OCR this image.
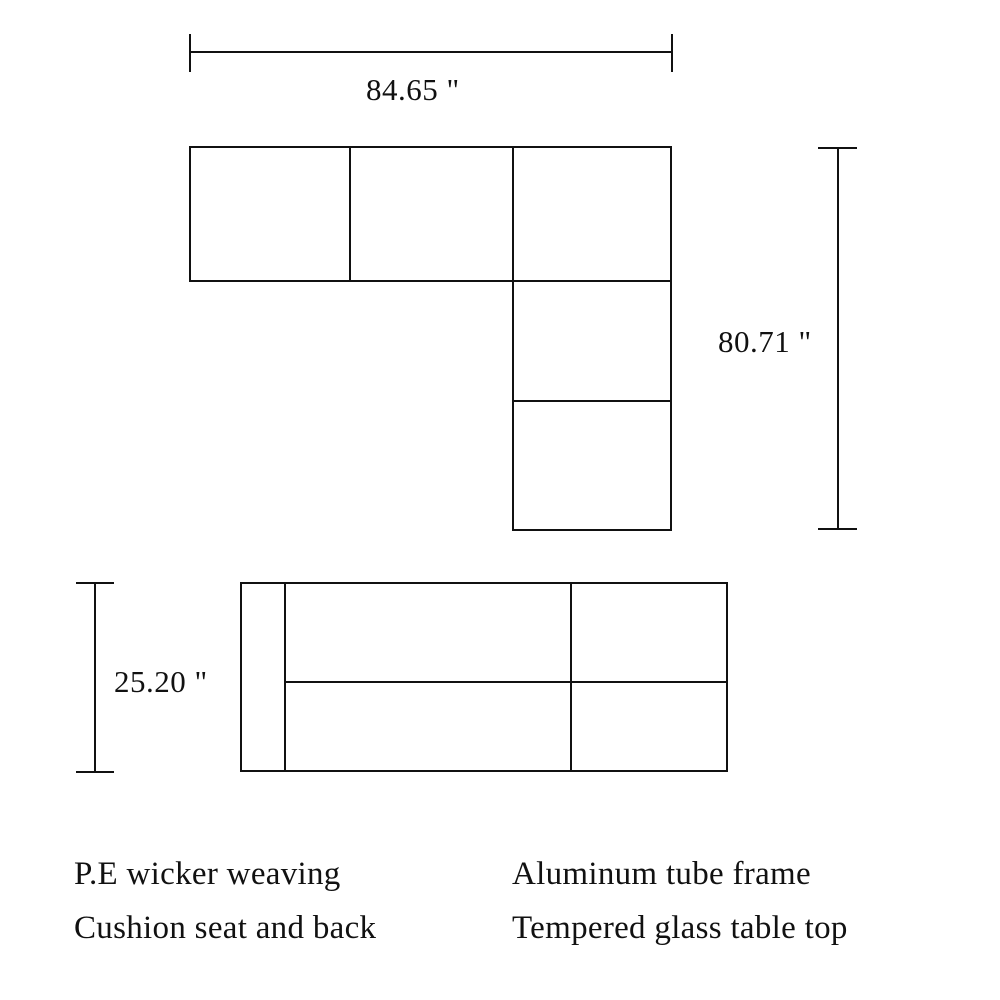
84.65 "
80.71 "
25.20 "
P.E wicker weaving
Cushion seat and back
Aluminum tube frame
Tempered glass table top
